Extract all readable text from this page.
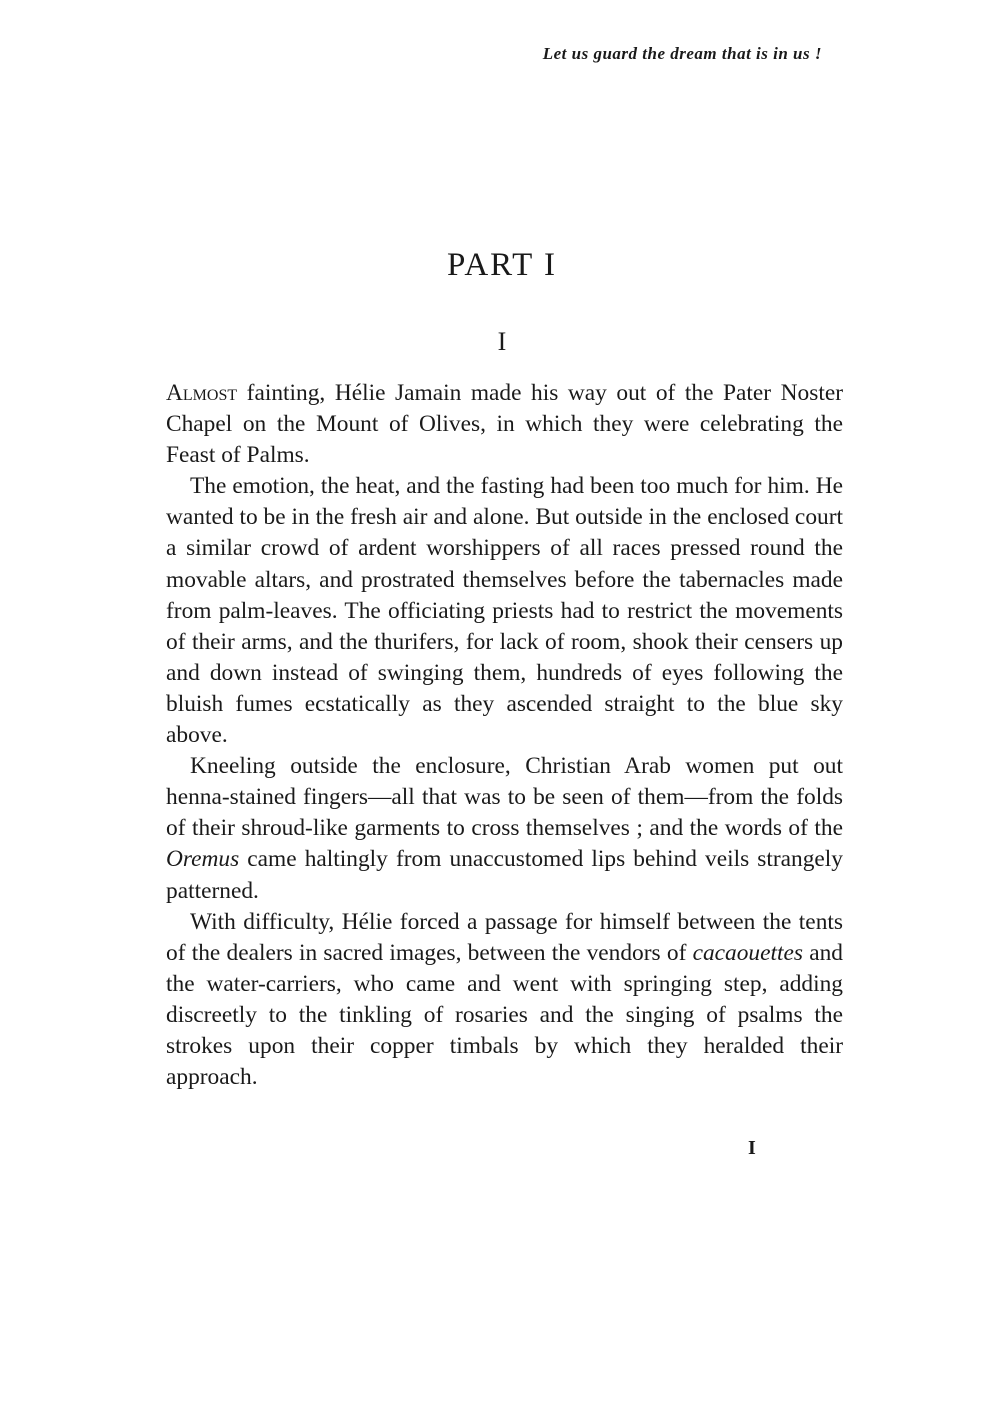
Let us guard the dream that is in us !
PART I
I

Almost fainting, Hélie Jamain made his way out of the Pater Noster Chapel on the Mount of Olives, in which they were celebrating the Feast of Palms.

The emotion, the heat, and the fasting had been too much for him. He wanted to be in the fresh air and alone. But outside in the enclosed court a similar crowd of ardent worshippers of all races pressed round the movable altars, and prostrated themselves before the tabernacles made from palm-leaves. The officiating priests had to restrict the movements of their arms, and the thurifers, for lack of room, shook their censers up and down instead of swinging them, hundreds of eyes following the bluish fumes ecstatically as they ascended straight to the blue sky above.

Kneeling outside the enclosure, Christian Arab women put out henna-stained fingers—all that was to be seen of them—from the folds of their shroud-like garments to cross themselves ; and the words of the Oremus came haltingly from unaccustomed lips behind veils strangely patterned.

With difficulty, Hélie forced a passage for himself between the tents of the dealers in sacred images, between the vendors of cacaouettes and the water-carriers, who came and went with springing step, adding discreetly to the tinkling of rosaries and the singing of psalms the strokes upon their copper timbals by which they heralded their approach.

I
